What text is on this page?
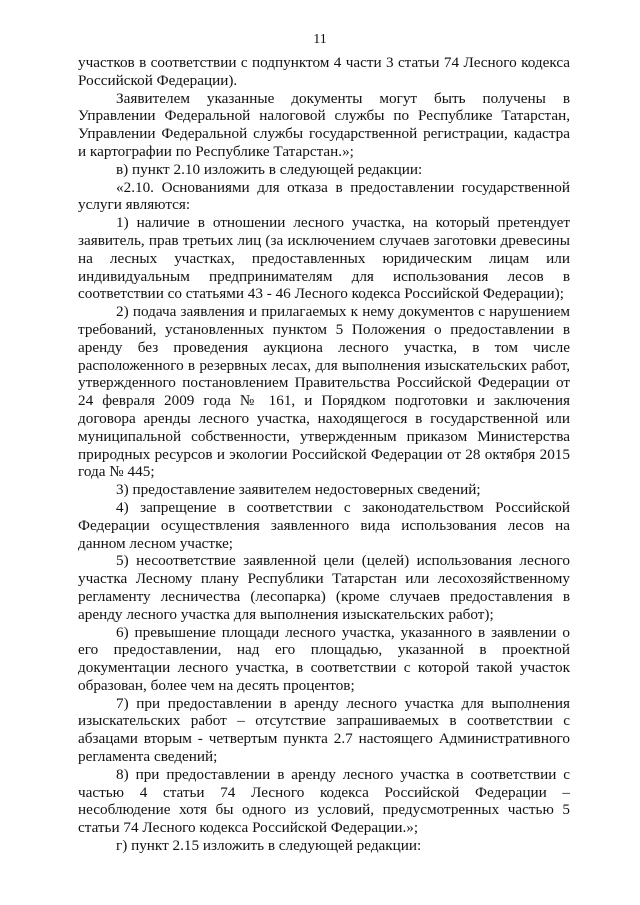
11

участков в соответствии с подпунктом 4 части 3 статьи 74 Лесного кодекса Российской Федерации).

Заявителем указанные документы могут быть получены в Управлении Федеральной налоговой службы по Республике Татарстан, Управлении Федеральной службы государственной регистрации, кадастра и картографии по Республике Татарстан.»;

в) пункт 2.10 изложить в следующей редакции:

«2.10. Основаниями для отказа в предоставлении государственной услуги являются:

1) наличие в отношении лесного участка, на который претендует заявитель, прав третьих лиц (за исключением случаев заготовки древесины на лесных участках, предоставленных юридическим лицам или индивидуальным предпринимателям для использования лесов в соответствии со статьями 43 - 46 Лесного кодекса Российской Федерации);

2) подача заявления и прилагаемых к нему документов с нарушением требований, установленных пунктом 5 Положения о предоставлении в аренду без проведения аукциона лесного участка, в том числе расположенного в резервных лесах, для выполнения изыскательских работ, утвержденного постановлением Правительства Российской Федерации от 24 февраля 2009 года № 161, и Порядком подготовки и заключения договора аренды лесного участка, находящегося в государственной или муниципальной собственности, утвержденным приказом Министерства природных ресурсов и экологии Российской Федерации от 28 октября 2015 года № 445;

3) предоставление заявителем недостоверных сведений;

4) запрещение в соответствии с законодательством Российской Федерации осуществления заявленного вида использования лесов на данном лесном участке;

5) несоответствие заявленной цели (целей) использования лесного участка Лесному плану Республики Татарстан или лесохозяйственному регламенту лесничества (лесопарка) (кроме случаев предоставления в аренду лесного участка для выполнения изыскательских работ);

6) превышение площади лесного участка, указанного в заявлении о его предоставлении, над его площадью, указанной в проектной документации лесного участка, в соответствии с которой такой участок образован, более чем на десять процентов;

7) при предоставлении в аренду лесного участка для выполнения изыскательских работ – отсутствие запрашиваемых в соответствии с абзацами вторым - четвертым пункта 2.7 настоящего Административного регламента сведений;

8) при предоставлении в аренду лесного участка в соответствии с частью 4 статьи 74 Лесного кодекса Российской Федерации – несоблюдение хотя бы одного из условий, предусмотренных частью 5 статьи 74 Лесного кодекса Российской Федерации.»;

г) пункт 2.15 изложить в следующей редакции:
